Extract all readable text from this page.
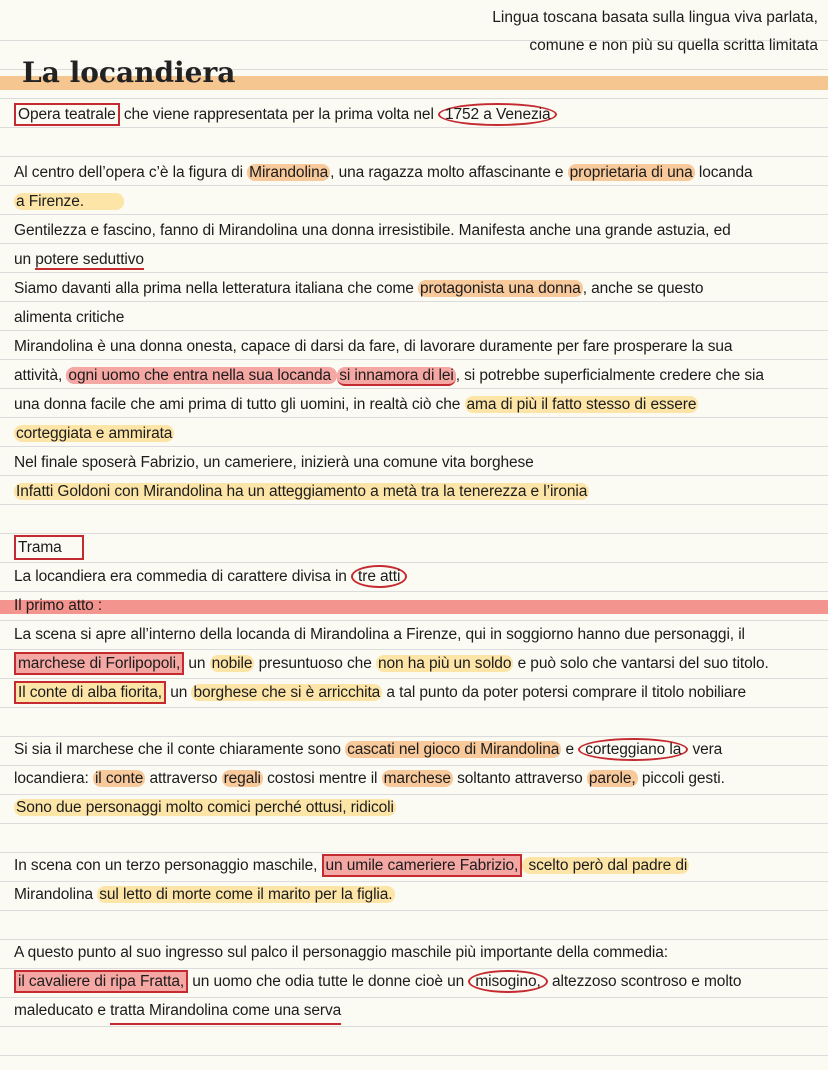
Lingua toscana basata sulla lingua viva parlata,
comune e non più su quella scritta limitata
La locandiera
Opera teatrale che viene rappresentata per la prima volta nel 1752 a Venezia
Al centro dell’opera c’è la figura di Mirandolina , una ragazza molto affascinante e proprietaria di una locanda
a Firenze.
Gentilezza e fascino, fanno di Mirandolina una donna irresistibile. Manifesta anche una grande astuzia, ed
un potere seduttivo
Siamo davanti alla prima nella letteratura italiana che come protagonista una donna , anche se questo
alimenta critiche
Mirandolina è una donna onesta, capace di darsi da fare, di lavorare duramente per fare prosperare la sua
attività, ogni uomo che entra nella sua locanda si innamora di lei , si potrebbe superficialmente credere che sia
una donna facile che ami prima di tutto gli uomini, in realtà ciò che ama di più il fatto stesso di essere
corteggiata e ammirata
Nel finale sposerà Fabrizio, un cameriere, inizierà una comune vita borghese
Infatti Goldoni con Mirandolina ha un atteggiamento a metà tra la tenerezza e l’ironia
Trama
La locandiera era commedia di carattere divisa in tre atti
Il primo atto :
La scena si apre all’interno della locanda di Mirandolina a Firenze, qui in soggiorno hanno due personaggi, il
marchese di Forlipopoli, un nobile presuntuoso che non ha più un soldo e può solo che vantarsi del suo titolo.
Il conte di alba fiorita, un borghese che si è arricchita a tal punto da poter potersi comprare il titolo nobiliare
Si sia il marchese che il conte chiaramente sono cascati nel gioco di Mirandolina e corteggiano la vera
locandiera: il conte attraverso regali costosi mentre il marchese soltanto attraverso parole, piccoli gesti.
Sono due personaggi molto comici perché ottusi, ridicoli
In scena con un terzo personaggio maschile, un umile cameriere Fabrizio, scelto però dal padre di
Mirandolina sul letto di morte come il marito per la figlia.
A questo punto al suo ingresso sul palco il personaggio maschile più importante della commedia:
il cavaliere di ripa Fratta, un uomo che odia tutte le donne cioè un misogino, altezzoso scontroso e molto
maleducato e tratta Mirandolina come una serva
